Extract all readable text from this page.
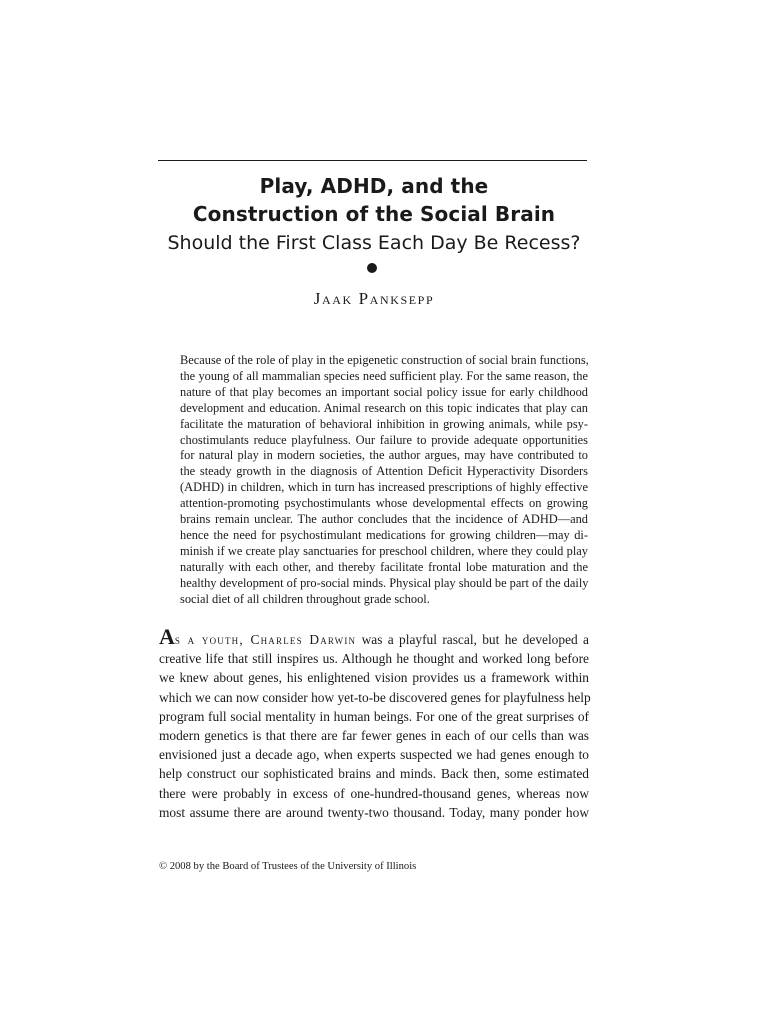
Play, ADHD, and the
Construction of the Social Brain
Should the First Class Each Day Be Recess?
Jaak Panksepp
Because of the role of play in the epigenetic construction of social brain functions,
the young of all mammalian species need sufficient play. For the same reason, the
nature of that play becomes an important social policy issue for early childhood
development and education. Animal research on this topic indicates that play can
facilitate the maturation of behavioral inhibition in growing animals, while psy-
chostimulants reduce playfulness. Our failure to provide adequate opportunities
for natural play in modern societies, the author argues, may have contributed to
the steady growth in the diagnosis of Attention Deficit Hyperactivity Disorders
(ADHD) in children, which in turn has increased prescriptions of highly effective
attention-promoting psychostimulants whose developmental effects on growing
brains remain unclear. The author concludes that the incidence of ADHD—and
hence the need for psychostimulant medications for growing children—may di-
minish if we create play sanctuaries for preschool children, where they could play
naturally with each other, and thereby facilitate frontal lobe maturation and the
healthy development of pro-social minds. Physical play should be part of the daily
social diet of all children throughout grade school.
As a youth, Charles Darwin was a playful rascal, but he developed a
creative life that still inspires us. Although he thought and worked long before
we knew about genes, his enlightened vision provides us a framework within
which we can now consider how yet-to-be discovered genes for playfulness help
program full social mentality in human beings. For one of the great surprises of
modern genetics is that there are far fewer genes in each of our cells than was
envisioned just a decade ago, when experts suspected we had genes enough to
help construct our sophisticated brains and minds. Back then, some estimated
there were probably in excess of one-hundred-thousand genes, whereas now
most assume there are around twenty-two thousand. Today, many ponder how
© 2008 by the Board of Trustees of the University of Illinois
